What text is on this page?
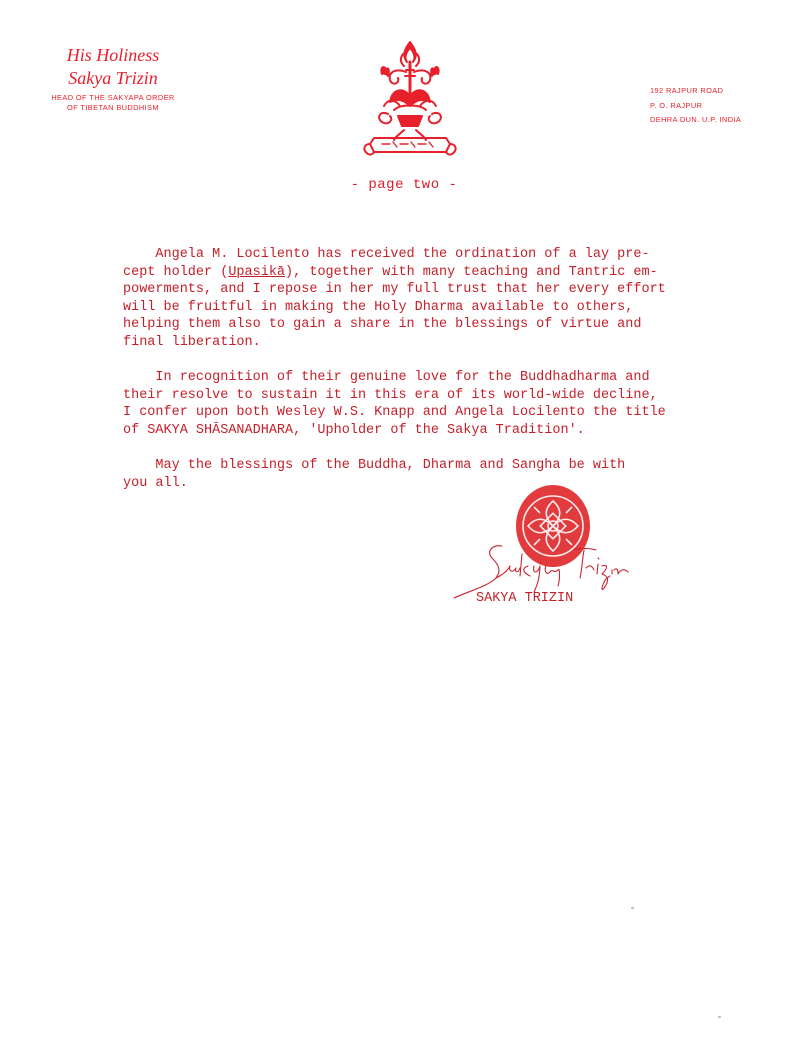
His Holiness
Sakya Trizin
HEAD OF THE SAKYAPA ORDER
OF TIBETAN BUDDHISM
192 RAJPUR ROAD
P. O. RAJPUR
DEHRA DUN. U.P. INDIA
- page two -
Angela M. Locilento has received the ordination of a lay pre-
cept holder (Upasikā), together with many teaching and Tantric em-
powerments, and I repose in her my full trust that her every effort
will be fruitful in making the Holy Dharma available to others,
helping them also to gain a share in the blessings of virtue and
final liberation.
In recognition of their genuine love for the Buddhadharma and
their resolve to sustain it in this era of its world-wide decline,
I confer upon both Wesley W.S. Knapp and Angela Locilento the title
of SAKYA SHĀSANADHARA, 'Upholder of the Sakya Tradition'.
May the blessings of the Buddha, Dharma and Sangha be with
you all.
SAKYA TRIZIN
